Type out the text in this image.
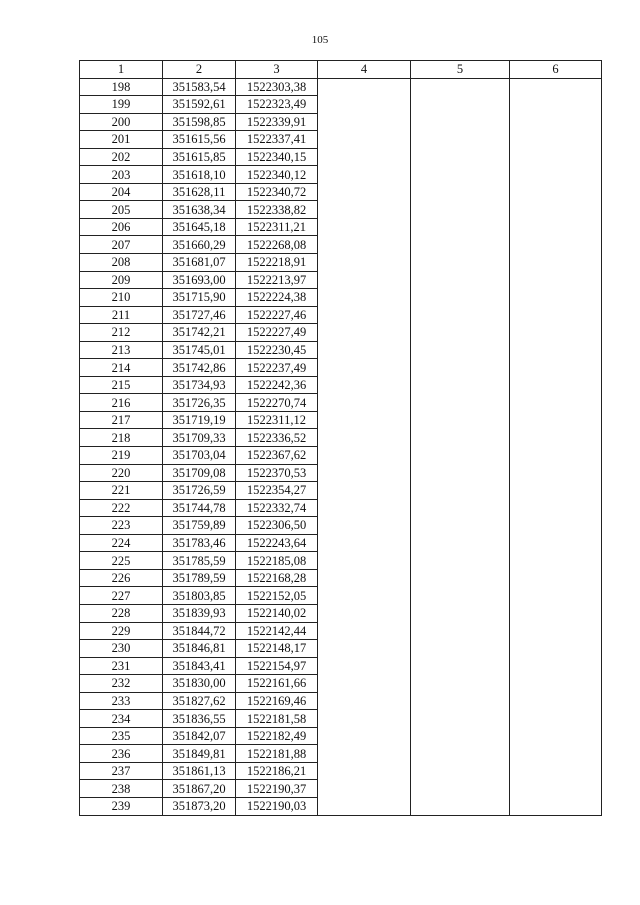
105
1	2	3	4	5	6
198	351583,54	1522303,38			
199	351592,61	1522323,49			
200	351598,85	1522339,91			
201	351615,56	1522337,41			
202	351615,85	1522340,15			
203	351618,10	1522340,12			
204	351628,11	1522340,72			
205	351638,34	1522338,82			
206	351645,18	1522311,21			
207	351660,29	1522268,08			
208	351681,07	1522218,91			
209	351693,00	1522213,97			
210	351715,90	1522224,38			
211	351727,46	1522227,46			
212	351742,21	1522227,49			
213	351745,01	1522230,45			
214	351742,86	1522237,49			
215	351734,93	1522242,36			
216	351726,35	1522270,74			
217	351719,19	1522311,12			
218	351709,33	1522336,52			
219	351703,04	1522367,62			
220	351709,08	1522370,53			
221	351726,59	1522354,27			
222	351744,78	1522332,74			
223	351759,89	1522306,50			
224	351783,46	1522243,64			
225	351785,59	1522185,08			
226	351789,59	1522168,28			
227	351803,85	1522152,05			
228	351839,93	1522140,02			
229	351844,72	1522142,44			
230	351846,81	1522148,17			
231	351843,41	1522154,97			
232	351830,00	1522161,66			
233	351827,62	1522169,46			
234	351836,55	1522181,58			
235	351842,07	1522182,49			
236	351849,81	1522181,88			
237	351861,13	1522186,21			
238	351867,20	1522190,37			
239	351873,20	1522190,03			
